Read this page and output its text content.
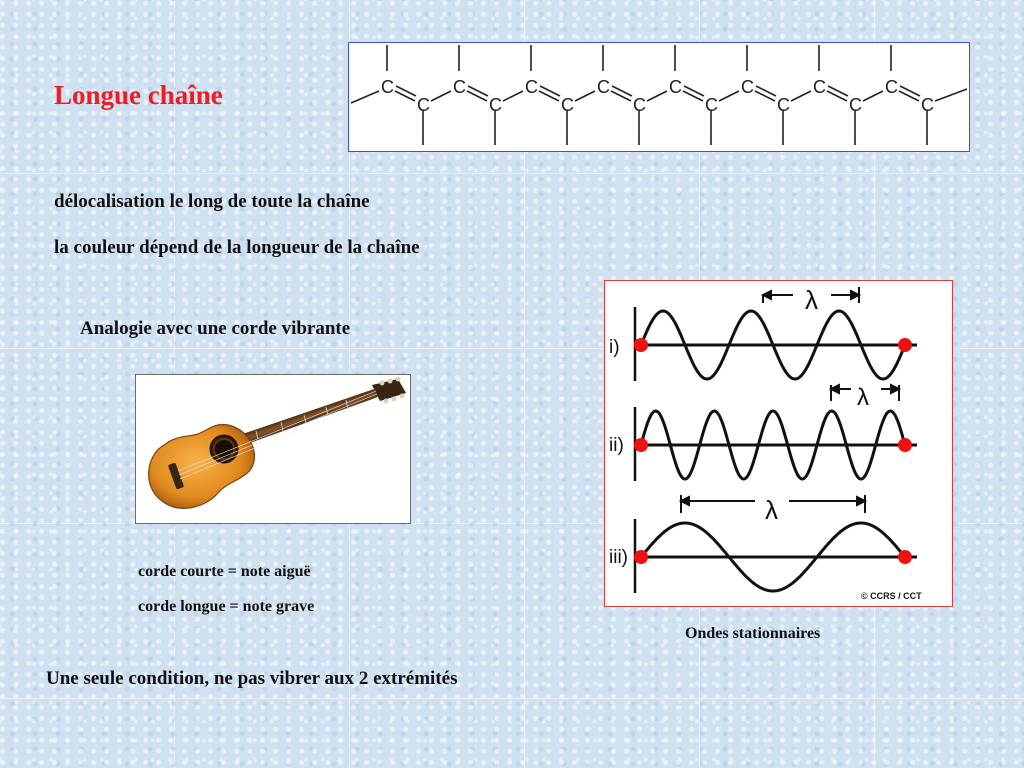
Longue chaîne	C
C
C
C
C
C
C
C
C
C
C
C
C
C
C
C
délocalisation le long de toute la chaîne
la couleur dépend de la longueur de la chaîne
Analogie avec une corde vibrante
corde courte = note aiguë
corde longue = note grave
λ
λ
λ
i)
ii)
iii)
© CCRS / CCT
Ondes stationnaires
Une seule condition, ne pas vibrer aux 2 extrémités
